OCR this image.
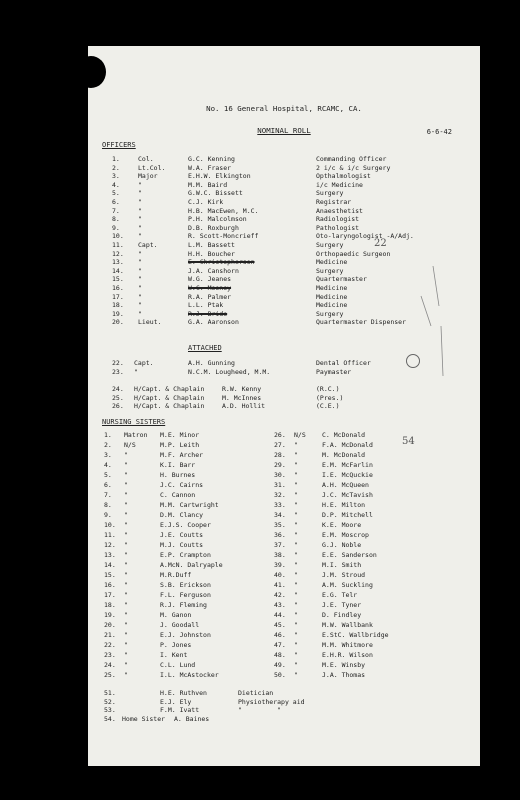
No. 16 General Hospital, RCAMC, CA.
NOMINAL ROLL	6-6-42
OFFICERS
1.	Col.	G.C. Kenning	Commanding Officer
2.	Lt.Col.	W.A. Fraser	2 i/c & i/c Surgery
3.	Major	E.H.W. Elkington	Opthalmologist
4.	"	M.M. Baird	i/c Medicine
5.	"	G.W.C. Bissett	Surgery
6.	"	C.J. Kirk	Registrar
7.	"	H.B. MacEwen, M.C.	Anaesthetist
8.	"	P.H. Malcolmson	Radiologist
9.	"	D.B. Roxburgh	Pathologist
10. "	R. Scott-Moncrieff	Oto-laryngologist -A/Adj.
11. Capt.	L.M. Bassett	Surgery
12. "	H.H. Boucher	Orthopaedic Surgeon
13. "	E. Christopherson	Medicine
14. "	J.A. Canshorn	Surgery
15. "	W.G. Jeanes	Quartermaster
16. "	W.C. Mooney	Medicine
17. "	R.A. Palmer	Medicine
18. "	L.L. Ptak	Medicine
19. "	R.J. Bride	Surgery
20. Lieut.	G.A. Aaronson	Quartermaster Dispenser
ATTACHED
22. Capt.	A.H. Gunning	Dental Officer
23. "	N.C.M. Lougheed, M.M.	Paymaster
24. H/Capt. & Chaplain	R.W. Kenny	(R.C.)
25. H/Capt. & Chaplain	M. McInnes	(Pres.)
26. H/Capt. & Chaplain	A.D. Hollit	(C.E.)
NURSING SISTERS
1. Matron M.E. Minor
2. N/S	M.P. Leith
3. "	M.F. Archer
4. "	K.I. Barr
5. "	H. Burnes
6. "	J.C. Cairns
7. "	C. Cannon
8. "	M.M. Cartwright
9. "	D.M. Clancy
10. "	E.J.S. Cooper
11. "	J.E. Coutts
12. "	M.J. Coutts
13. "	E.P. Crampton
14. "	A.McN. Dalryaple
15. "	M.R.Duff
16. "	S.B. Erickson
17. "	F.L. Ferguson
18. "	R.J. Fleming
19. "	M. Ganon
20. "	J. Goodall
21. "	E.J. Johnston
22. "	P. Jones
23. "	I. Kent
24. "	C.L. Lund
25. "	I.L. McAstocker
26. N/S	C. McDonald
27. "	F.A. McDonald
28. "	M. McDonald
29. "	E.M. McFarlin
30. "	I.E. McQuckie
31. "	A.H. McQueen
32. "	J.C. McTavish
33. "	H.E. Milton
34. "	D.P. Mitchell
35. "	K.E. Moore
36. "	E.M. Moscrop
37. "	G.J. Noble
38. "	E.E. Sanderson
39. "	M.I. Smith
40. "	J.M. Stroud
41. "	A.M. Suckling
42. "	E.G. Telr
43. "	J.E. Tyner
44. "	D. Findley
45. "	M.W. Wallbank
46. "	E.StC. Wallbridge
47. "	M.M. Whitmore
48. "	E.H.R. Wilson
49. "	M.E. Winsby
50. "	J.A. Thomas
51.	H.E. Ruthven	Dietician
52.	E.J. Ely	Physiotherapy aid
53.	F.M. Ivatt	"         "
54. Home Sister A. Baines
22
54
